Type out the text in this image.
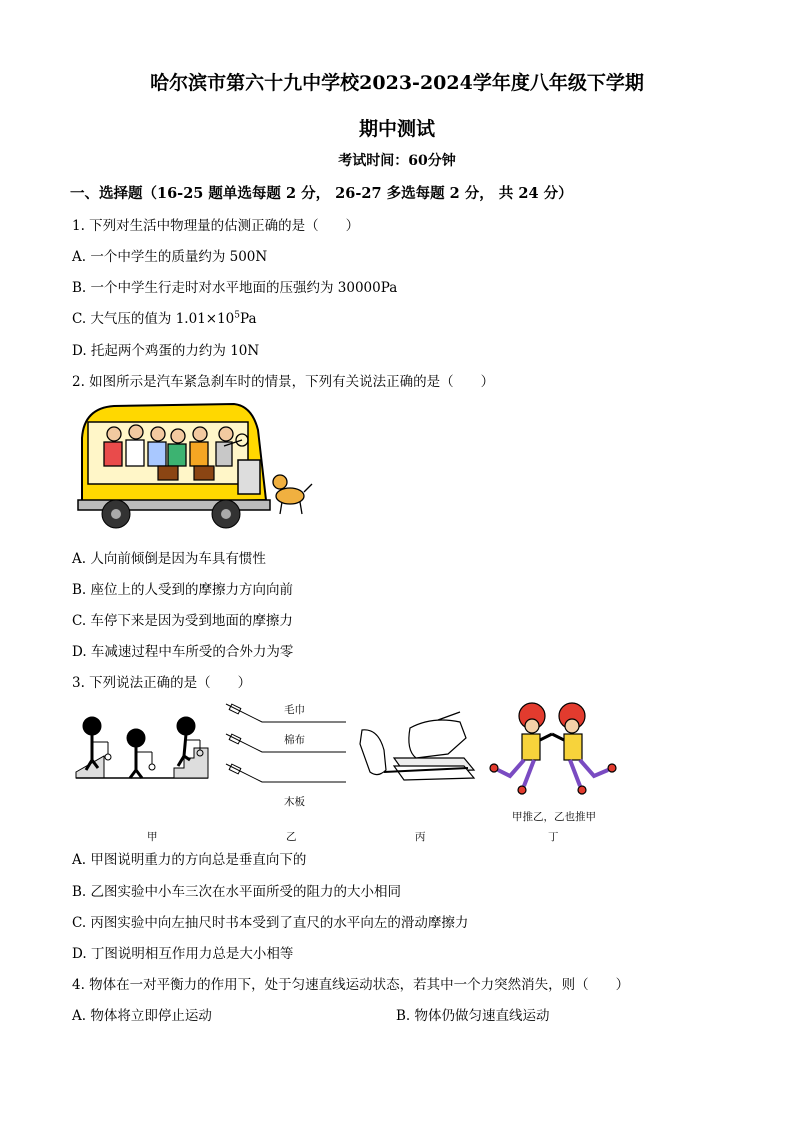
哈尔滨市第六十九中学校2023-2024学年度八年级下学期
期中测试
考试时间：60分钟
一、选择题（16-25 题单选每题 2 分， 26-27 多选每题 2 分， 共 24 分）
1. 下列对生活中物理量的估测正确的是（　　）
A. 一个中学生的质量约为 500N
B. 一个中学生行走时对水平地面的压强约为 30000Pa
C. 大气压的值为 $1.01\times 10^5Pa$
D. 托起两个鸡蛋的力约为 10N
2. 如图所示是汽车紧急刹车时的情景，下列有关说法正确的是（　　）
A. 人向前倾倒是因为车具有惯性
B. 座位上的人受到的摩擦力方向向前
C. 车停下来是因为受到地面的摩擦力
D. 车减速过程中车所受的合外力为零
3. 下列说法正确的是（　　）
毛巾
棉布
木板
甲推乙，乙也推甲
甲	乙	丙	丁
A. 甲图说明重力的方向总是垂直向下的
B. 乙图实验中小车三次在水平面所受的阻力的大小相同
C. 丙图实验中向左抽尺时书本受到了直尺的水平向左的滑动摩擦力
D. 丁图说明相互作用力总是大小相等
4. 物体在一对平衡力的作用下，处于匀速直线运动状态，若其中一个力突然消失，则（　　）
A. 物体将立即停止运动	B. 物体仍做匀速直线运动
